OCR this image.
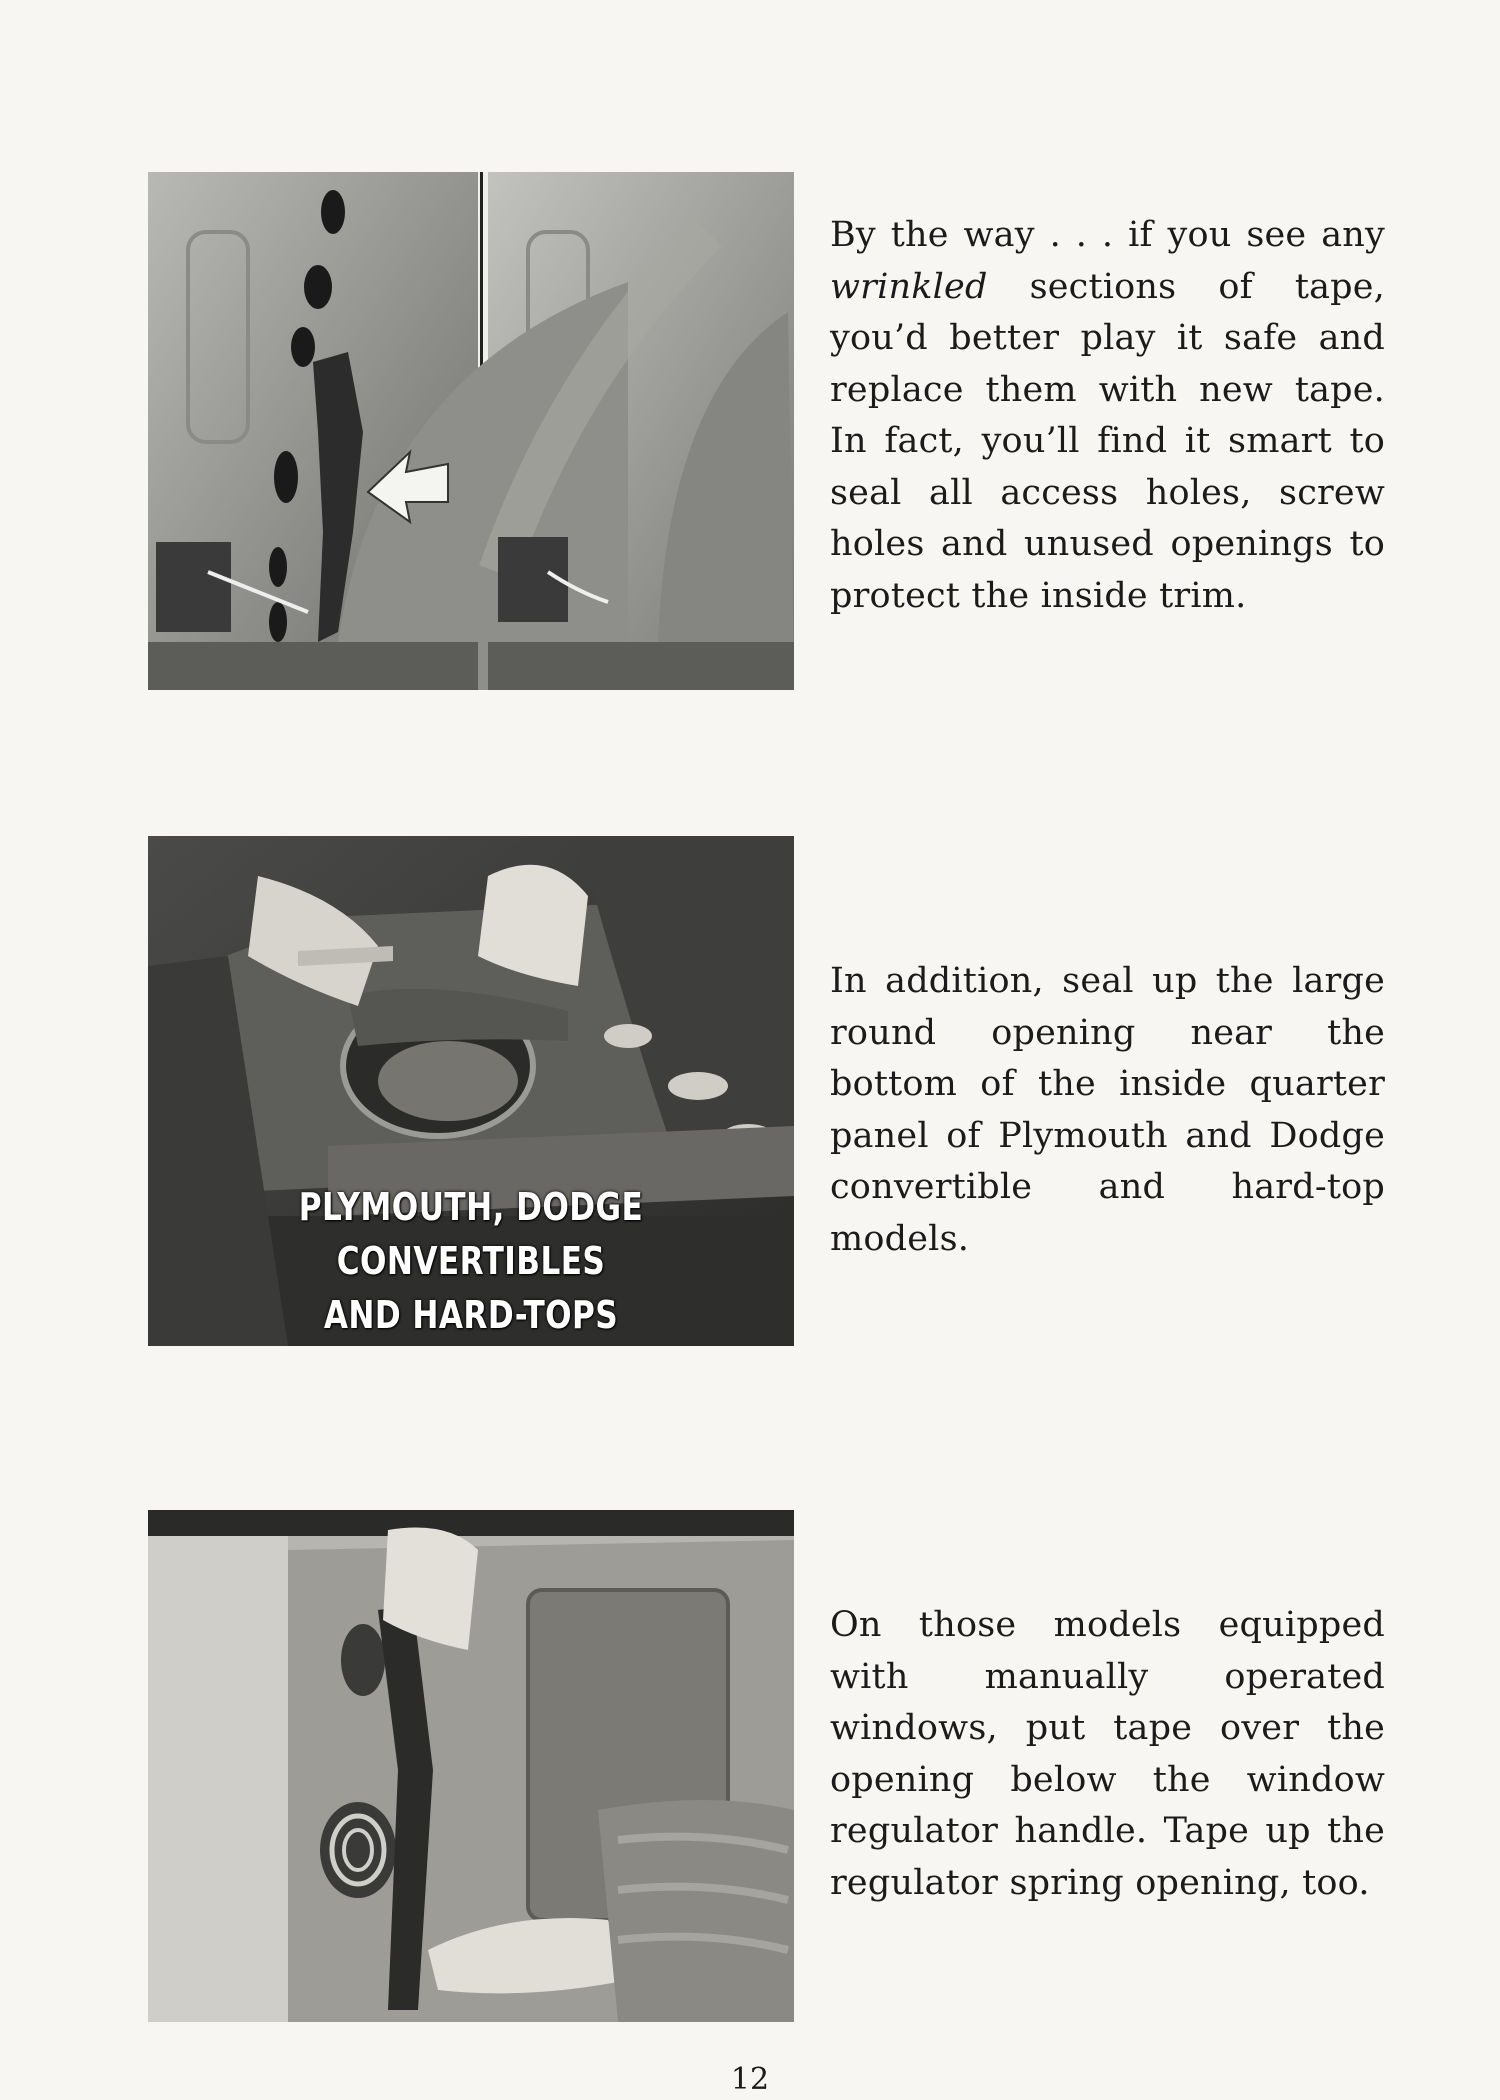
PLYMOUTH, DODGE CONVERTIBLES
AND HARD-TOPS
By the way . . . if you see any wrinkled sections of tape, you’d better play it safe and replace them with new tape. In fact, you’ll find it smart to seal all access holes, screw holes and unused openings to protect the inside trim.
In addition, seal up the large round opening near the bottom of the inside quarter panel of Plymouth and Dodge convertible and hard-top models.
On those models equipped with manually operated windows, put tape over the opening below the window regulator handle. Tape up the regulator spring opening, too.
12
